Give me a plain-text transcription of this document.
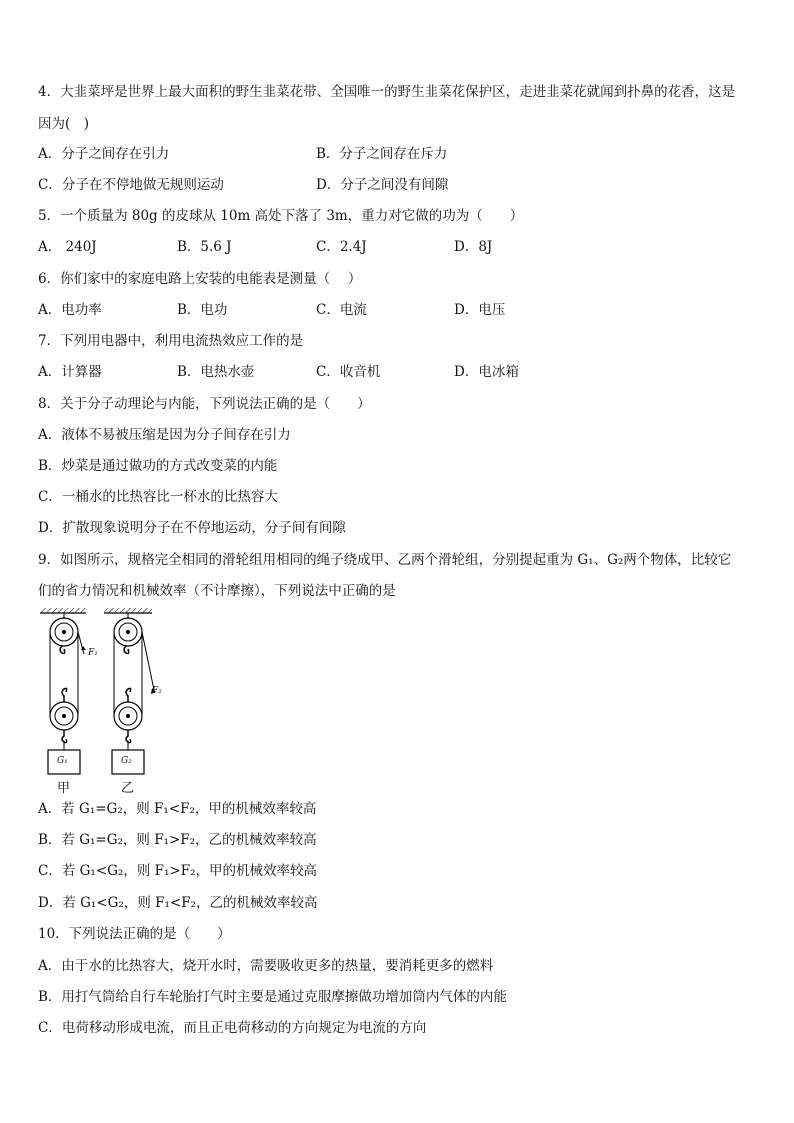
4．大韭菜坪是世界上最大面积的野生韭菜花带、全国唯一的野生韭菜花保护区，走进韭菜花就闻到扑鼻的花香，这是
因为(　)
A．分子之间存在引力	B．分子之间存在斥力
C．分子在不停地做无规则运动	D．分子之间没有间隙
5．一个质量为 80g 的皮球从 10m 高处下落了 3m，重力对它做的功为（　　）
A． 240J	B．5.6 J	C．2.4J	D．8J
6．你们家中的家庭电路上安装的电能表是测量（　 ）
A．电功率	B．电功	C．电流	D．电压
7．下列用电器中，利用电流热效应工作的是
A．计算器	B．电热水壶	C．收音机	D．电冰箱
8．关于分子动理论与内能，下列说法正确的是（　　）
A．液体不易被压缩是因为分子间存在引力
B．炒菜是通过做功的方式改变菜的内能
C．一桶水的比热容比一杯水的比热容大
D．扩散现象说明分子在不停地运动，分子间有间隙
9．如图所示，规格完全相同的滑轮组用相同的绳子绕成甲、乙两个滑轮组，分别提起重为 G₁、G₂两个物体，比较它
们的省力情况和机械效率（不计摩擦），下列说法中正确的是
F₁
F₂
G₁	G₂
甲	乙
A．若 G₁=G₂，则 F₁<F₂，甲的机械效率较高
B．若 G₁=G₂，则 F₁>F₂，乙的机械效率较高
C．若 G₁<G₂，则 F₁>F₂，甲的机械效率较高
D．若 G₁<G₂，则 F₁<F₂，乙的机械效率较高
10．下列说法正确的是（　　）
A．由于水的比热容大，烧开水时，需要吸收更多的热量，要消耗更多的燃料
B．用打气筒给自行车轮胎打气时主要是通过克服摩擦做功增加筒内气体的内能
C．电荷移动形成电流，而且正电荷移动的方向规定为电流的方向
